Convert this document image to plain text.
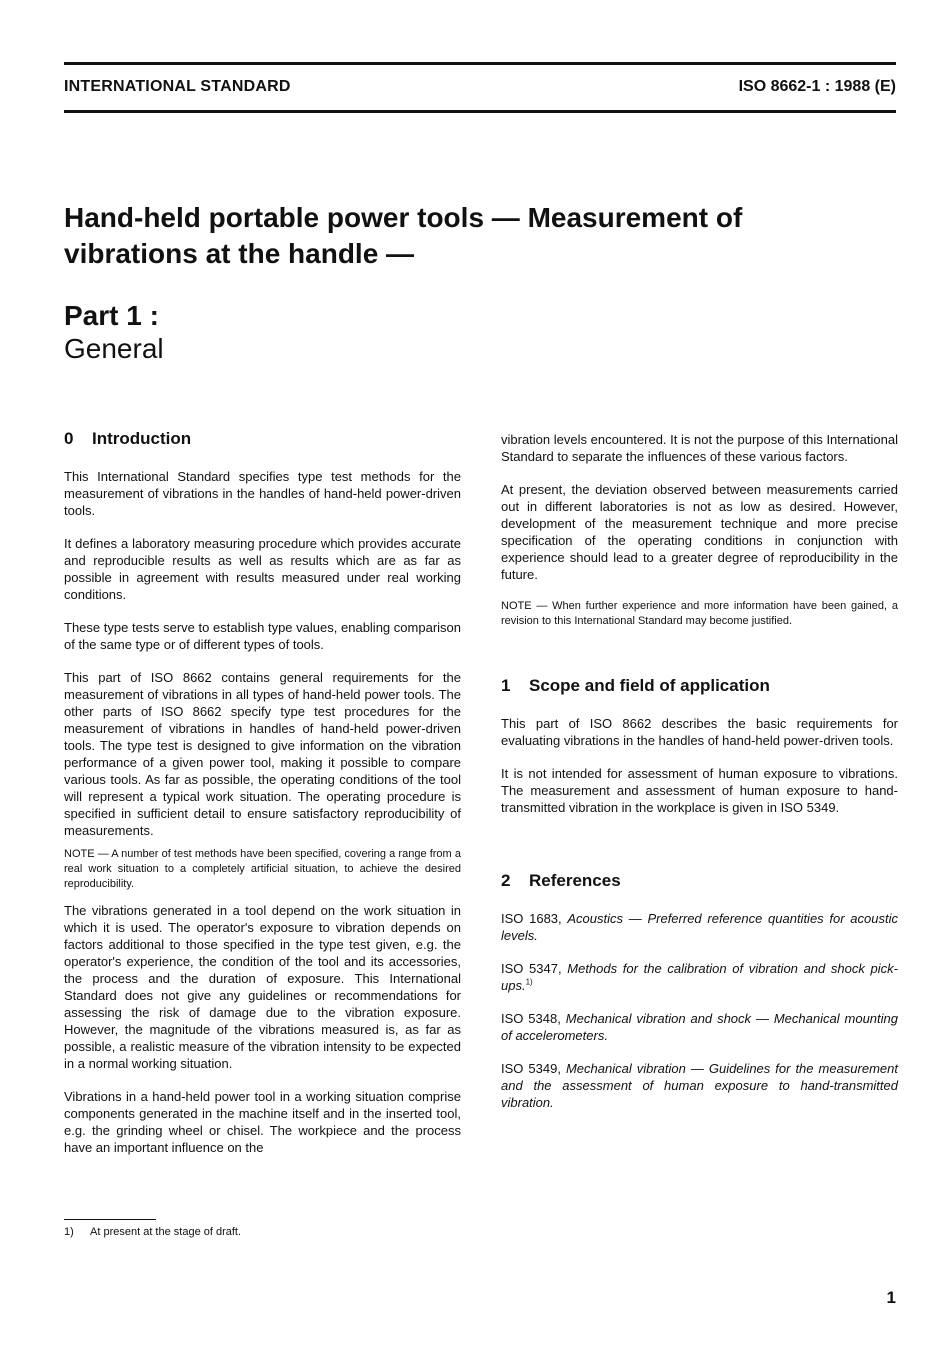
INTERNATIONAL STANDARD	ISO 8662-1 : 1988 (E)
Hand-held portable power tools — Measurement of
vibrations at the handle —
Part 1 :
General
0 Introduction

This International Standard specifies type test methods for the measurement of vibrations in the handles of hand-held power-driven tools.

It defines a laboratory measuring procedure which provides accurate and reproducible results as well as results which are as far as possible in agreement with results measured under real working conditions.

These type tests serve to establish type values, enabling comparison of the same type or of different types of tools.

This part of ISO 8662 contains general requirements for the measurement of vibrations in all types of hand-held power tools. The other parts of ISO 8662 specify type test procedures for the measurement of vibrations in handles of hand-held power-driven tools. The type test is designed to give information on the vibration performance of a given power tool, making it possible to compare various tools. As far as possible, the operating conditions of the tool will represent a typical work situation. The operating procedure is specified in sufficient detail to ensure satisfactory reproducibility of measurements.

NOTE — A number of test methods have been specified, covering a range from a real work situation to a completely artificial situation, to achieve the desired reproducibility.

The vibrations generated in a tool depend on the work situation in which it is used. The operator's exposure to vibration depends on factors additional to those specified in the type test given, e.g. the operator's experience, the condition of the tool and its accessories, the process and the duration of exposure. This International Standard does not give any guidelines or recommendations for assessing the risk of damage due to the vibration exposure. However, the magnitude of the vibrations measured is, as far as possible, a realistic measure of the vibration intensity to be expected in a normal working situation.

Vibrations in a hand-held power tool in a working situation comprise components generated in the machine itself and in the inserted tool, e.g. the grinding wheel or chisel. The workpiece and the process have an important influence on the

vibration levels encountered. It is not the purpose of this International Standard to separate the influences of these various factors.

At present, the deviation observed between measurements carried out in different laboratories is not as low as desired. However, development of the measurement technique and more precise specification of the operating conditions in conjunction with experience should lead to a greater degree of reproducibility in the future.

NOTE — When further experience and more information have been gained, a revision to this International Standard may become justified.

1 Scope and field of application

This part of ISO 8662 describes the basic requirements for evaluating vibrations in the handles of hand-held power-driven tools.

It is not intended for assessment of human exposure to vibrations. The measurement and assessment of human exposure to hand-transmitted vibration in the workplace is given in ISO 5349.

2 References
ISO 1683, Acoustics — Preferred reference quantities for acoustic levels.
ISO 5347, Methods for the calibration of vibration and shock pick-ups.$^{1)}$
ISO 5348, Mechanical vibration and shock — Mechanical mounting of accelerometers.
ISO 5349, Mechanical vibration — Guidelines for the measurement and the assessment of human exposure to hand-transmitted vibration.
1) At present at the stage of draft.
1
